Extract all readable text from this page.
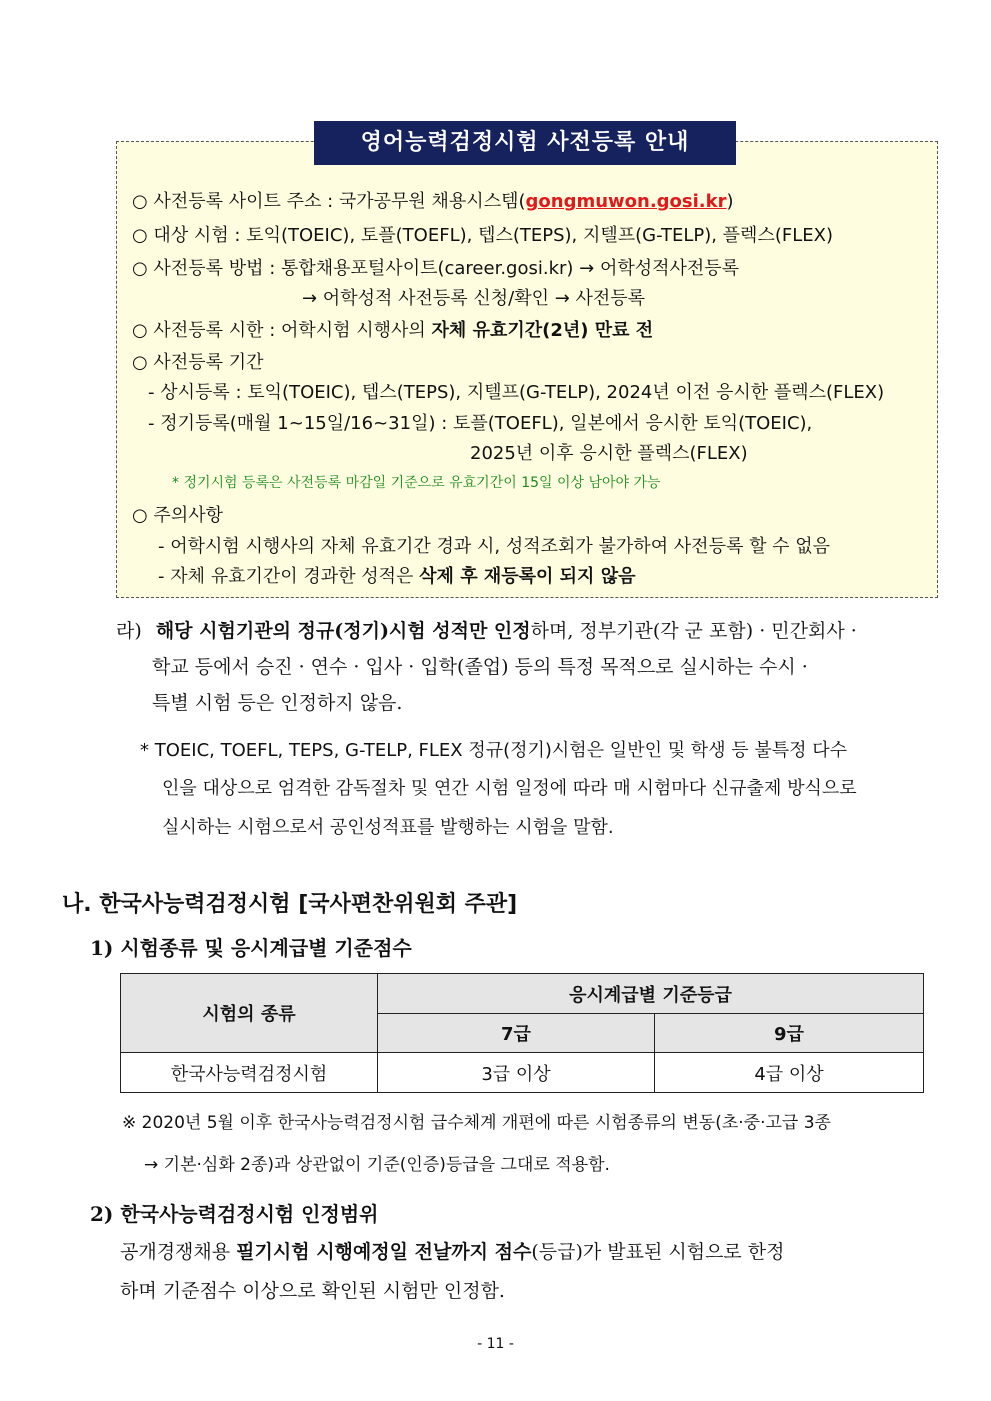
영어능력검정시험 사전등록 안내
○ 사전등록 사이트 주소 : 국가공무원 채용시스템(gongmuwon.gosi.kr)
○ 대상 시험 : 토익(TOEIC), 토플(TOEFL), 텝스(TEPS), 지텔프(G-TELP), 플렉스(FLEX)
○ 사전등록 방법 : 통합채용포털사이트(career.gosi.kr) → 어학성적사전등록
→ 어학성적 사전등록 신청/확인 → 사전등록
○ 사전등록 시한 : 어학시험 시행사의 자체 유효기간(2년) 만료 전
○ 사전등록 기간
- 상시등록 : 토익(TOEIC), 텝스(TEPS), 지텔프(G-TELP), 2024년 이전 응시한 플렉스(FLEX)
- 정기등록(매월 1~15일/16~31일) : 토플(TOEFL), 일본에서 응시한 토익(TOEIC),
2025년 이후 응시한 플렉스(FLEX)
* 정기시험 등록은 사전등록 마감일 기준으로 유효기간이 15일 이상 남아야 가능
○ 주의사항
- 어학시험 시행사의 자체 유효기간 경과 시, 성적조회가 불가하여 사전등록 할 수 없음
- 자체 유효기간이 경과한 성적은 삭제 후 재등록이 되지 않음
라) 해당 시험기관의 정규(정기)시험 성적만 인정하며, 정부기관(각 군 포함) · 민간회사 ·
학교 등에서 승진 · 연수 · 입사 · 입학(졸업) 등의 특정 목적으로 실시하는 수시 ·
특별 시험 등은 인정하지 않음.
* TOEIC, TOEFL, TEPS, G-TELP, FLEX 정규(정기)시험은 일반인 및 학생 등 불특정 다수
인을 대상으로 엄격한 감독절차 및 연간 시험 일정에 따라 매 시험마다 신규출제 방식으로
실시하는 시험으로서 공인성적표를 발행하는 시험을 말함.
나. 한국사능력검정시험 [국사편찬위원회 주관]
1) 시험종류 및 응시계급별 기준점수
시험의 종류	응시계급별 기준등급	
	7급	9급
한국사능력검정시험	3급 이상	4급 이상
※ 2020년 5월 이후 한국사능력검정시험 급수체계 개편에 따른 시험종류의 변동(초·중·고급 3종
→ 기본·심화 2종)과 상관없이 기준(인증)등급을 그대로 적용함.
2) 한국사능력검정시험 인정범위
공개경쟁채용 필기시험 시행예정일 전날까지 점수(등급)가 발표된 시험으로 한정
하며 기준점수 이상으로 확인된 시험만 인정함.
- 11 -
